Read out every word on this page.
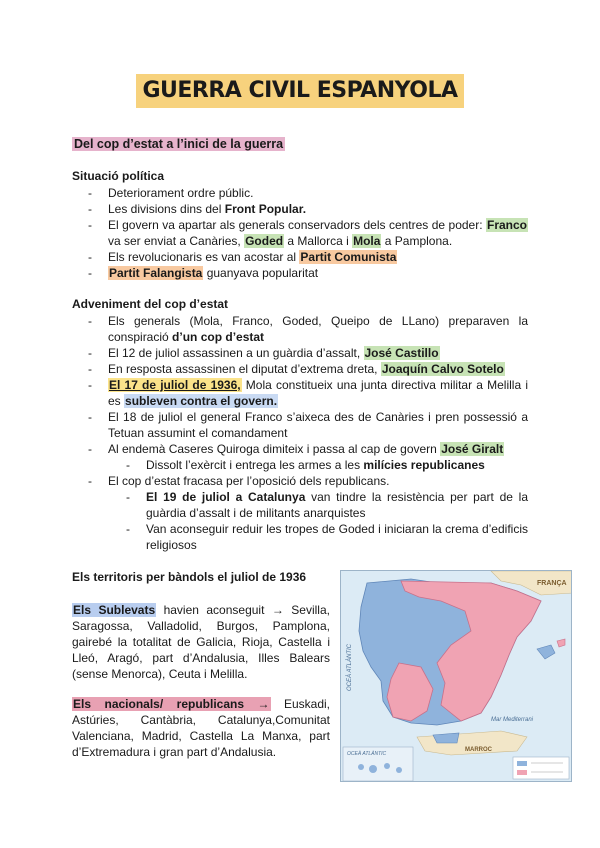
GUERRA CIVIL ESPANYOLA
Del cop d’estat a l’inici de la guerra
Situació política
- Deteriorament ordre públic.
- Les divisions dins del Front Popular.
- El govern va apartar als generals conservadors dels centres de poder: Franco va ser enviat a Canàries, Goded a Mallorca i Mola a Pamplona.
- Els revolucionaris es van acostar al Partit Comunista
- Partit Falangista guanyava popularitat
Adveniment del cop d’estat
- Els generals (Mola, Franco, Goded, Queipo de LLano) preparaven la conspiració d’un cop d’estat
- El 12 de juliol assassinen a un guàrdia d’assalt, José Castillo
- En resposta assassinen el diputat d’extrema dreta, Joaquín Calvo Sotelo
- El 17 de juliol de 1936, Mola constitueix una junta directiva militar a Melilla i es subleven contra el govern.
- El 18 de juliol el general Franco s’aixeca des de Canàries i pren possessió a Tetuan assumint el comandament
- Al endemà Caseres Quiroga dimiteix i passa al cap de govern José Giralt
- Dissolt l’exèrcit i entrega les armes a les milícies republicanes
- El cop d’estat fracasa per l’oposició dels republicans.
- El 19 de juliol a Catalunya van tindre la resistència per part de la guàrdia d’assalt i de militants anarquistes
- Van aconseguir reduir les tropes de Goded i iniciaran la crema d’edificis religiosos
Els territoris per bàndols el juliol de 1936
Els Sublevats havien aconseguit → Sevilla, Saragossa, Valladolid, Burgos, Pamplona, gairebé la totalitat de Galicia, Rioja, Castella i Lleó, Aragó, part d’Andalusia, Illes Balears (sense Menorca), Ceuta i Melilla.
Els nacionals/ republicans → Euskadi, Astúries, Cantàbria, Catalunya,Comunitat Valenciana, Madrid, Castella La Manxa, part d’Extremadura i gran part d’Andalusia.
FRANÇA
OCEÀ ATLÀNTIC
Mar Mediterrani
MARROC
OCEÀ ATLÀNTIC
